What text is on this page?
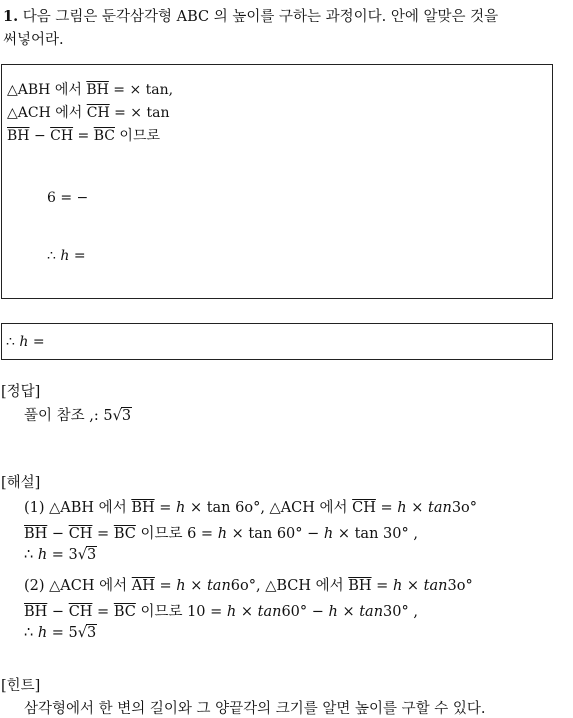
1. 다음 그림은 둔각삼각형 ABC 의 높이를 구하는 과정이다. 안에 알맞은 것을
써넣어라.
△ABH 에서 $\overline{BH}$ = × tan,
△ACH 에서 $\overline{CH}$ = × tan
$\overline{BH} - \overline{CH} = \overline{BC}$ 이므로
6 = −
∴ h =
∴ h =
[정답]
풀이 참조 ,: 5√3
[해설]
(1) △ABH 에서 $\overline{BH} = h \times \tan 6o^\circ$, △ACH 에서 $\overline{CH} = h \times \tan 3o^\circ$
$\overline{BH} - \overline{CH} = \overline{BC}$ 이므로 6 = h × tan 60° − h × tan 30° ,
∴ h = 3√3
(2) △ACH 에서 $\overline{AH} = h \times \tan 6o^\circ$, △BCH 에서 $\overline{BH} = h \times \tan 3o^\circ$
$\overline{BH} - \overline{CH} = \overline{BC}$ 이므로 10 = h × tan60° − h × tan30° ,
∴ h = 5√3
[힌트]
삼각형에서 한 변의 길이와 그 양끝각의 크기를 알면 높이를 구할 수 있다.
